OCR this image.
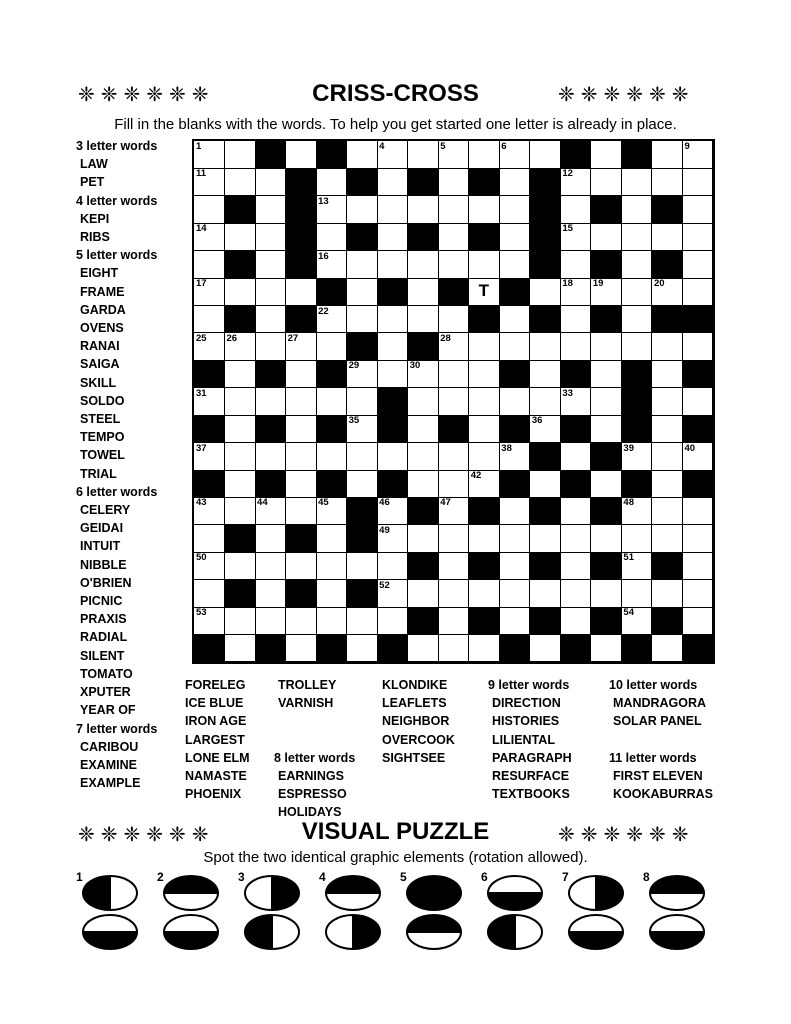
❈❈❈❈❈❈	CRISS-CROSS	❈❈❈❈❈❈
Fill in the blanks with the words. To help you get started one letter is already in place.
3 letter words
LAW
PET
4 letter words
KEPI
RIBS
5 letter words
EIGHT
FRAME
GARDA
OVENS
RANAI
SAIGA
SKILL
SOLDO
STEEL
TEMPO
TOWEL
TRIAL
6 letter words
CELERY
GEIDAI
INTUIT
NIBBLE
O'BRIEN
PICNIC
PRAXIS
RADIAL
SILENT
TOMATO
XPUTER
YEAR OF
7 letter words
CARIBOU
EXAMINE
EXAMPLE
FORELEG
ICE BLUE
IRON AGE
LARGEST
LONE ELM
NAMASTE
PHOENIX
TROLLEY
VARNISH

8 letter words
EARNINGS
ESPRESSO
HOLIDAYS
KLONDIKE
LEAFLETS
NEIGHBOR
OVERCOOK
SIGHTSEE
9 letter words
DIRECTION
HISTORIES
LILIENTAL
PARAGRAPH
RESURFACE
TEXTBOOKS
10 letter words
MANDRAGORA
SOLAR PANEL

11 letter words
FIRST ELEVEN
KOOKABURRAS
1	4	5	6	9
11	12
13
14	15
16
17	T	18 19	20
22
25 26	27	28
29	30
31	33
35	36
37	38	39	40
42
43	44	45	46	47	48
49
50	51
52
53	54
❈❈❈❈❈❈	VISUAL PUZZLE	❈❈❈❈❈❈
Spot the two identical graphic elements (rotation allowed).
1	2	3	4	5	6	7	8
